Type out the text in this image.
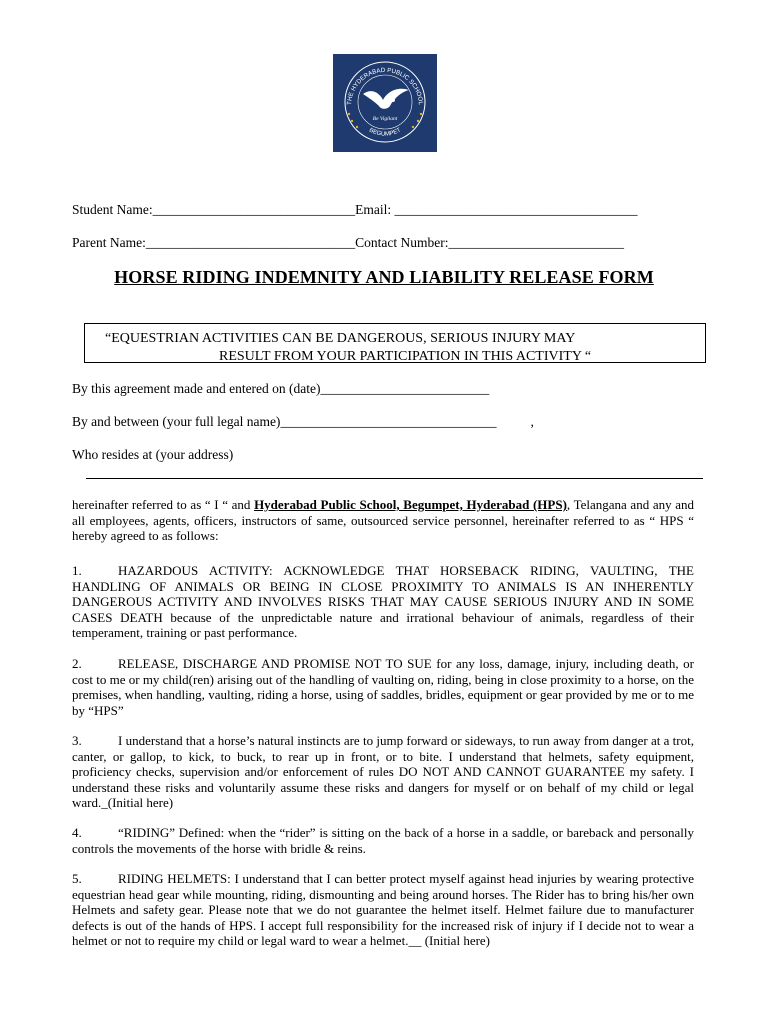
THE HYDERABAD PUBLIC SCHOOL
BEGUMPET
Be Vigilant
Student Name:______________________________Email: ____________________________________
Parent Name:_______________________________Contact Number:__________________________
HORSE RIDING INDEMNITY AND LIABILITY RELEASE FORM
“EQUESTRIAN ACTIVITIES CAN BE DANGEROUS, SERIOUS INJURY MAY
RESULT FROM YOUR PARTICIPATION IN THIS ACTIVITY “
By this agreement made and entered on (date)_________________________
By and between (your full legal name)________________________________	,
Who resides at (your address)
hereinafter referred to as “ I “ and Hyderabad Public School, Begumpet, Hyderabad (HPS), Telangana and any and all employees, agents, officers, instructors of same, outsourced service personnel, hereinafter referred to as “ HPS “ hereby agreed to as follows:
1.	HAZARDOUS ACTIVITY: ACKNOWLEDGE THAT HORSEBACK RIDING, VAULTING, THE HANDLING OF ANIMALS OR BEING IN CLOSE PROXIMITY TO ANIMALS IS AN INHERENTLY DANGEROUS ACTIVITY AND INVOLVES RISKS THAT MAY CAUSE SERIOUS INJURY AND IN SOME CASES DEATH because of the unpredictable nature and irrational behaviour of animals, regardless of their temperament, training or past performance.
2.	RELEASE, DISCHARGE AND PROMISE NOT TO SUE for any loss, damage, injury, including death, or cost to me or my child(ren) arising out of the handling of vaulting on, riding, being in close proximity to a horse, on the premises, when handling, vaulting, riding a horse, using of saddles, bridles, equipment or gear provided by me or to me by “HPS”
3.	I understand that a horse’s natural instincts are to jump forward or sideways, to run away from danger at a trot, canter, or gallop, to kick, to buck, to rear up in front, or to bite. I understand that helmets, safety equipment, proficiency checks, supervision and/or enforcement of rules DO NOT AND CANNOT GUARANTEE my safety. I understand these risks and voluntarily assume these risks and dangers for myself or on behalf of my child or legal ward._(Initial here)
4.	“RIDING” Defined: when the “rider” is sitting on the back of a horse in a saddle, or bareback and personally controls the movements of the horse with bridle & reins.
5.	RIDING HELMETS: I understand that I can better protect myself against head injuries by wearing protective equestrian head gear while mounting, riding, dismounting and being around horses. The Rider has to bring his/her own Helmets and safety gear. Please note that we do not guarantee the helmet itself. Helmet failure due to manufacturer defects is out of the hands of HPS. I accept full responsibility for the increased risk of injury if I decide not to wear a helmet or not to require my child or legal ward to wear a helmet.__ (Initial here)
